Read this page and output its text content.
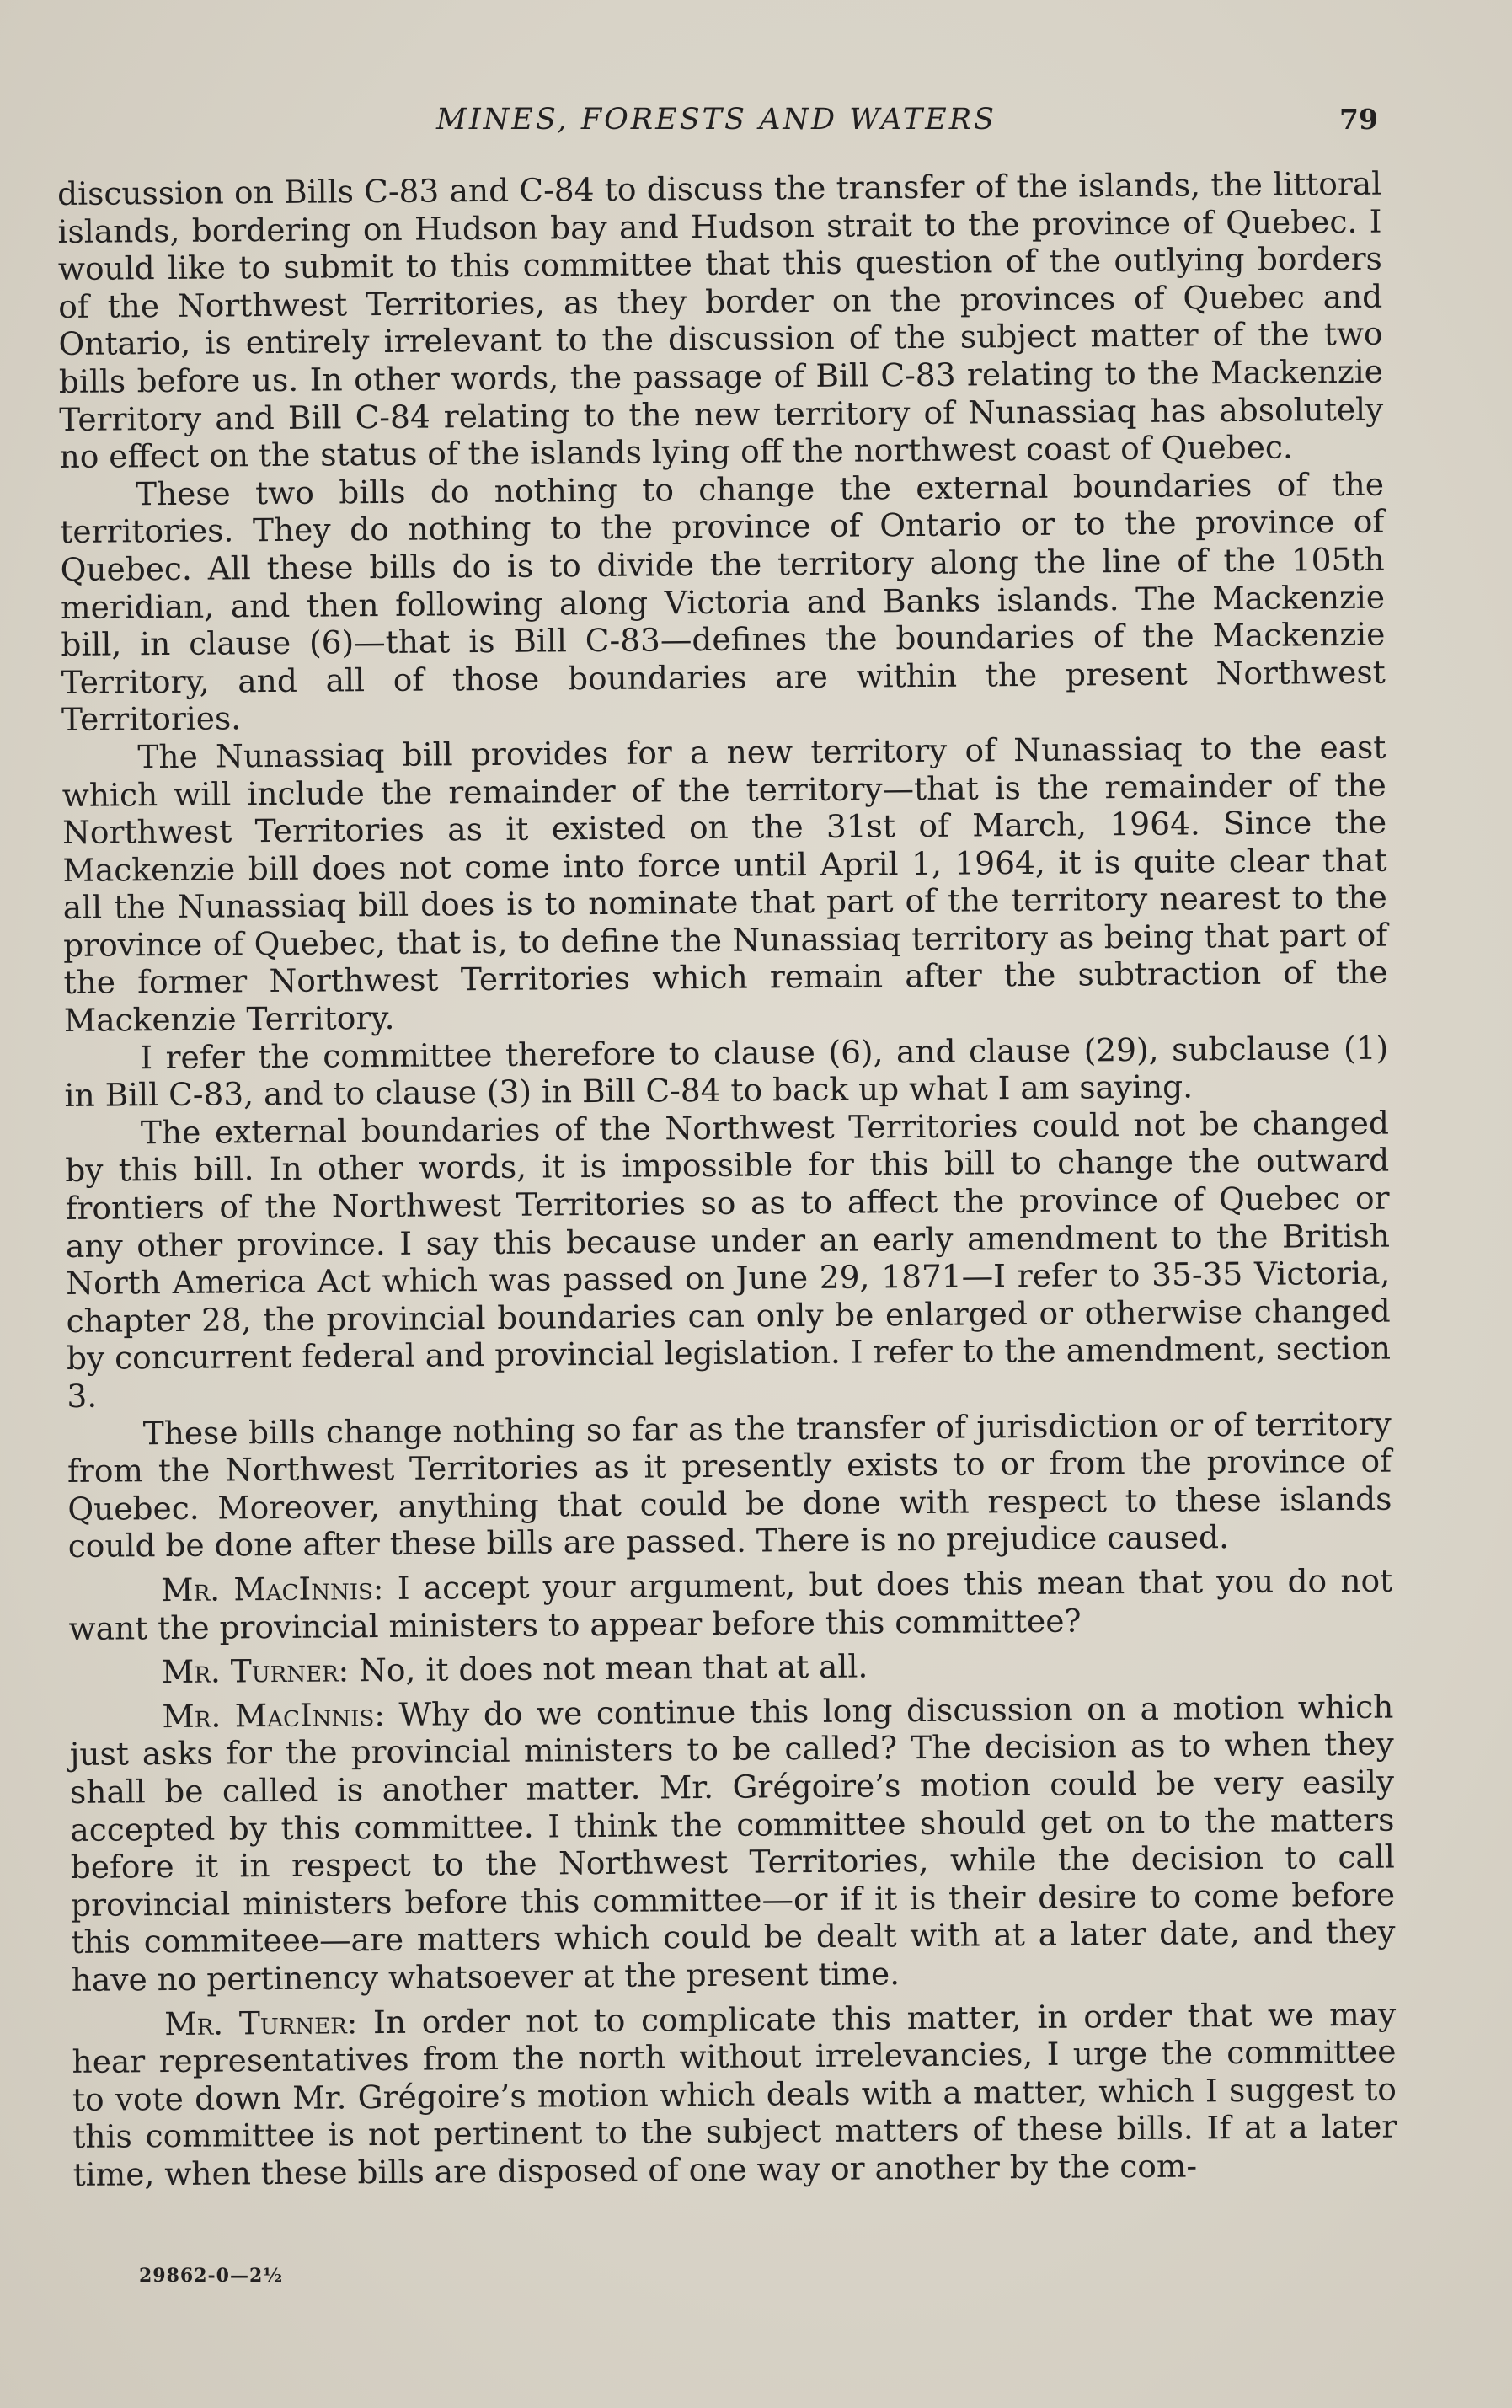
MINES, FORESTS AND WATERS	79

discussion on Bills C-83 and C-84 to discuss the transfer of the islands, the littoral islands, bordering on Hudson bay and Hudson strait to the province of Quebec. I would like to submit to this committee that this question of the outlying borders of the Northwest Territories, as they border on the provinces of Quebec and Ontario, is entirely irrelevant to the discussion of the subject matter of the two bills before us. In other words, the passage of Bill C-83 relating to the Mackenzie Territory and Bill C-84 relating to the new territory of Nunassiaq has absolutely no effect on the status of the islands lying off the northwest coast of Quebec.

These two bills do nothing to change the external boundaries of the territories. They do nothing to the province of Ontario or to the province of Quebec. All these bills do is to divide the territory along the line of the 105th meridian, and then following along Victoria and Banks islands. The Mackenzie bill, in clause (6)—that is Bill C-83—defines the boundaries of the Mackenzie Territory, and all of those boundaries are within the present Northwest Territories.

The Nunassiaq bill provides for a new territory of Nunassiaq to the east which will include the remainder of the territory—that is the remainder of the Northwest Territories as it existed on the 31st of March, 1964. Since the Mackenzie bill does not come into force until April 1, 1964, it is quite clear that all the Nunassiaq bill does is to nominate that part of the territory nearest to the province of Quebec, that is, to define the Nunassiaq territory as being that part of the former Northwest Territories which remain after the subtraction of the Mackenzie Territory.

I refer the committee therefore to clause (6), and clause (29), subclause (1) in Bill C-83, and to clause (3) in Bill C-84 to back up what I am saying.

The external boundaries of the Northwest Territories could not be changed by this bill. In other words, it is impossible for this bill to change the outward frontiers of the Northwest Territories so as to affect the province of Quebec or any other province. I say this because under an early amendment to the British North America Act which was passed on June 29, 1871—I refer to 35-35 Victoria, chapter 28, the provincial boundaries can only be enlarged or otherwise changed by concurrent federal and provincial legislation. I refer to the amendment, section 3.

These bills change nothing so far as the transfer of jurisdiction or of territory from the Northwest Territories as it presently exists to or from the province of Quebec. Moreover, anything that could be done with respect to these islands could be done after these bills are passed. There is no prejudice caused.

Mr. MacInnis: I accept your argument, but does this mean that you do not want the provincial ministers to appear before this committee?

Mr. Turner: No, it does not mean that at all.

Mr. MacInnis: Why do we continue this long discussion on a motion which just asks for the provincial ministers to be called? The decision as to when they shall be called is another matter. Mr. Grégoire’s motion could be very easily accepted by this committee. I think the committee should get on to the matters before it in respect to the Northwest Territories, while the decision to call provincial ministers before this committee—or if it is their desire to come before this commiteee—are matters which could be dealt with at a later date, and they have no pertinency whatsoever at the present time.

Mr. Turner: In order not to complicate this matter, in order that we may hear representatives from the north without irrelevancies, I urge the committee to vote down Mr. Grégoire’s motion which deals with a matter, which I suggest to this committee is not pertinent to the subject matters of these bills. If at a later time, when these bills are disposed of one way or another by the com-

29862-0—2½
